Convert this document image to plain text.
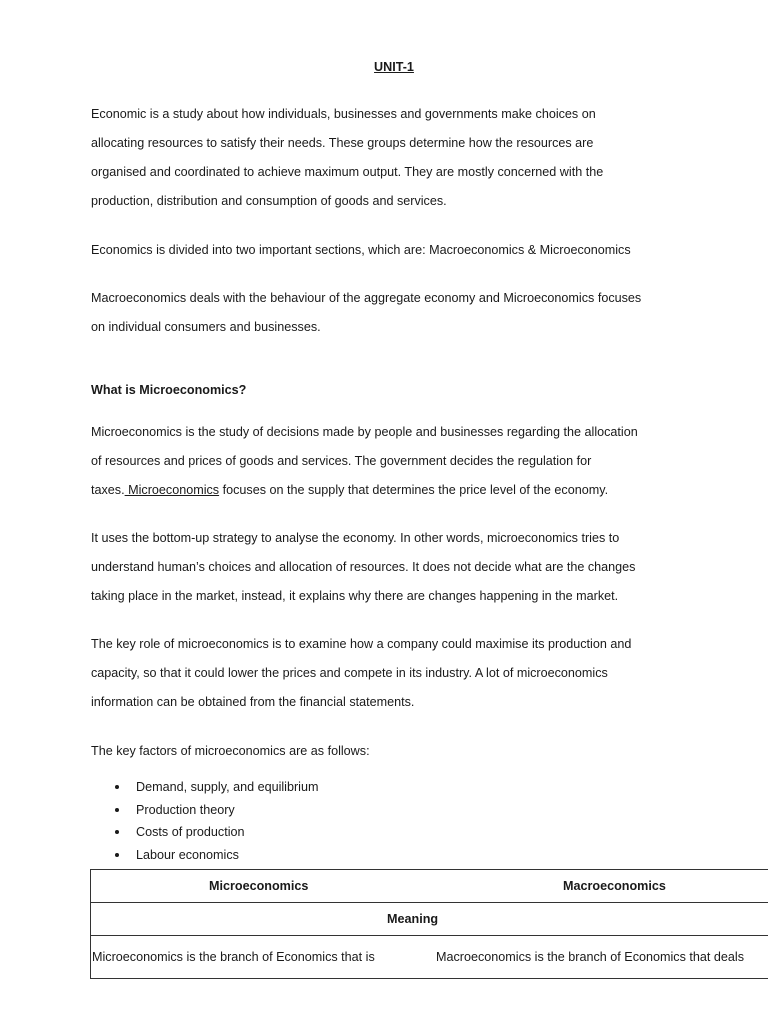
UNIT-1
Economic is a study about how individuals, businesses and governments make choices on
allocating resources to satisfy their needs. These groups determine how the resources are
organised and coordinated to achieve maximum output. They are mostly concerned with the
production, distribution and consumption of goods and services.
Economics is divided into two important sections, which are: Macroeconomics & Microeconomics
Macroeconomics deals with the behaviour of the aggregate economy and Microeconomics focuses
on individual consumers and businesses.
What is Microeconomics?
Microeconomics is the study of decisions made by people and businesses regarding the allocation
of resources and prices of goods and services. The government decides the regulation for
taxes. Microeconomics focuses on the supply that determines the price level of the economy.
It uses the bottom-up strategy to analyse the economy. In other words, microeconomics tries to
understand human’s choices and allocation of resources. It does not decide what are the changes
taking place in the market, instead, it explains why there are changes happening in the market.
The key role of microeconomics is to examine how a company could maximise its production and
capacity, so that it could lower the prices and compete in its industry. A lot of microeconomics
information can be obtained from the financial statements.
The key factors of microeconomics are as follows:
Demand, supply, and equilibrium
Production theory
Costs of production
Labour economics
Microeconomics	Macroeconomics
Meaning
Microeconomics is the branch of Economics that is	Macroeconomics is the branch of Economics that deals
